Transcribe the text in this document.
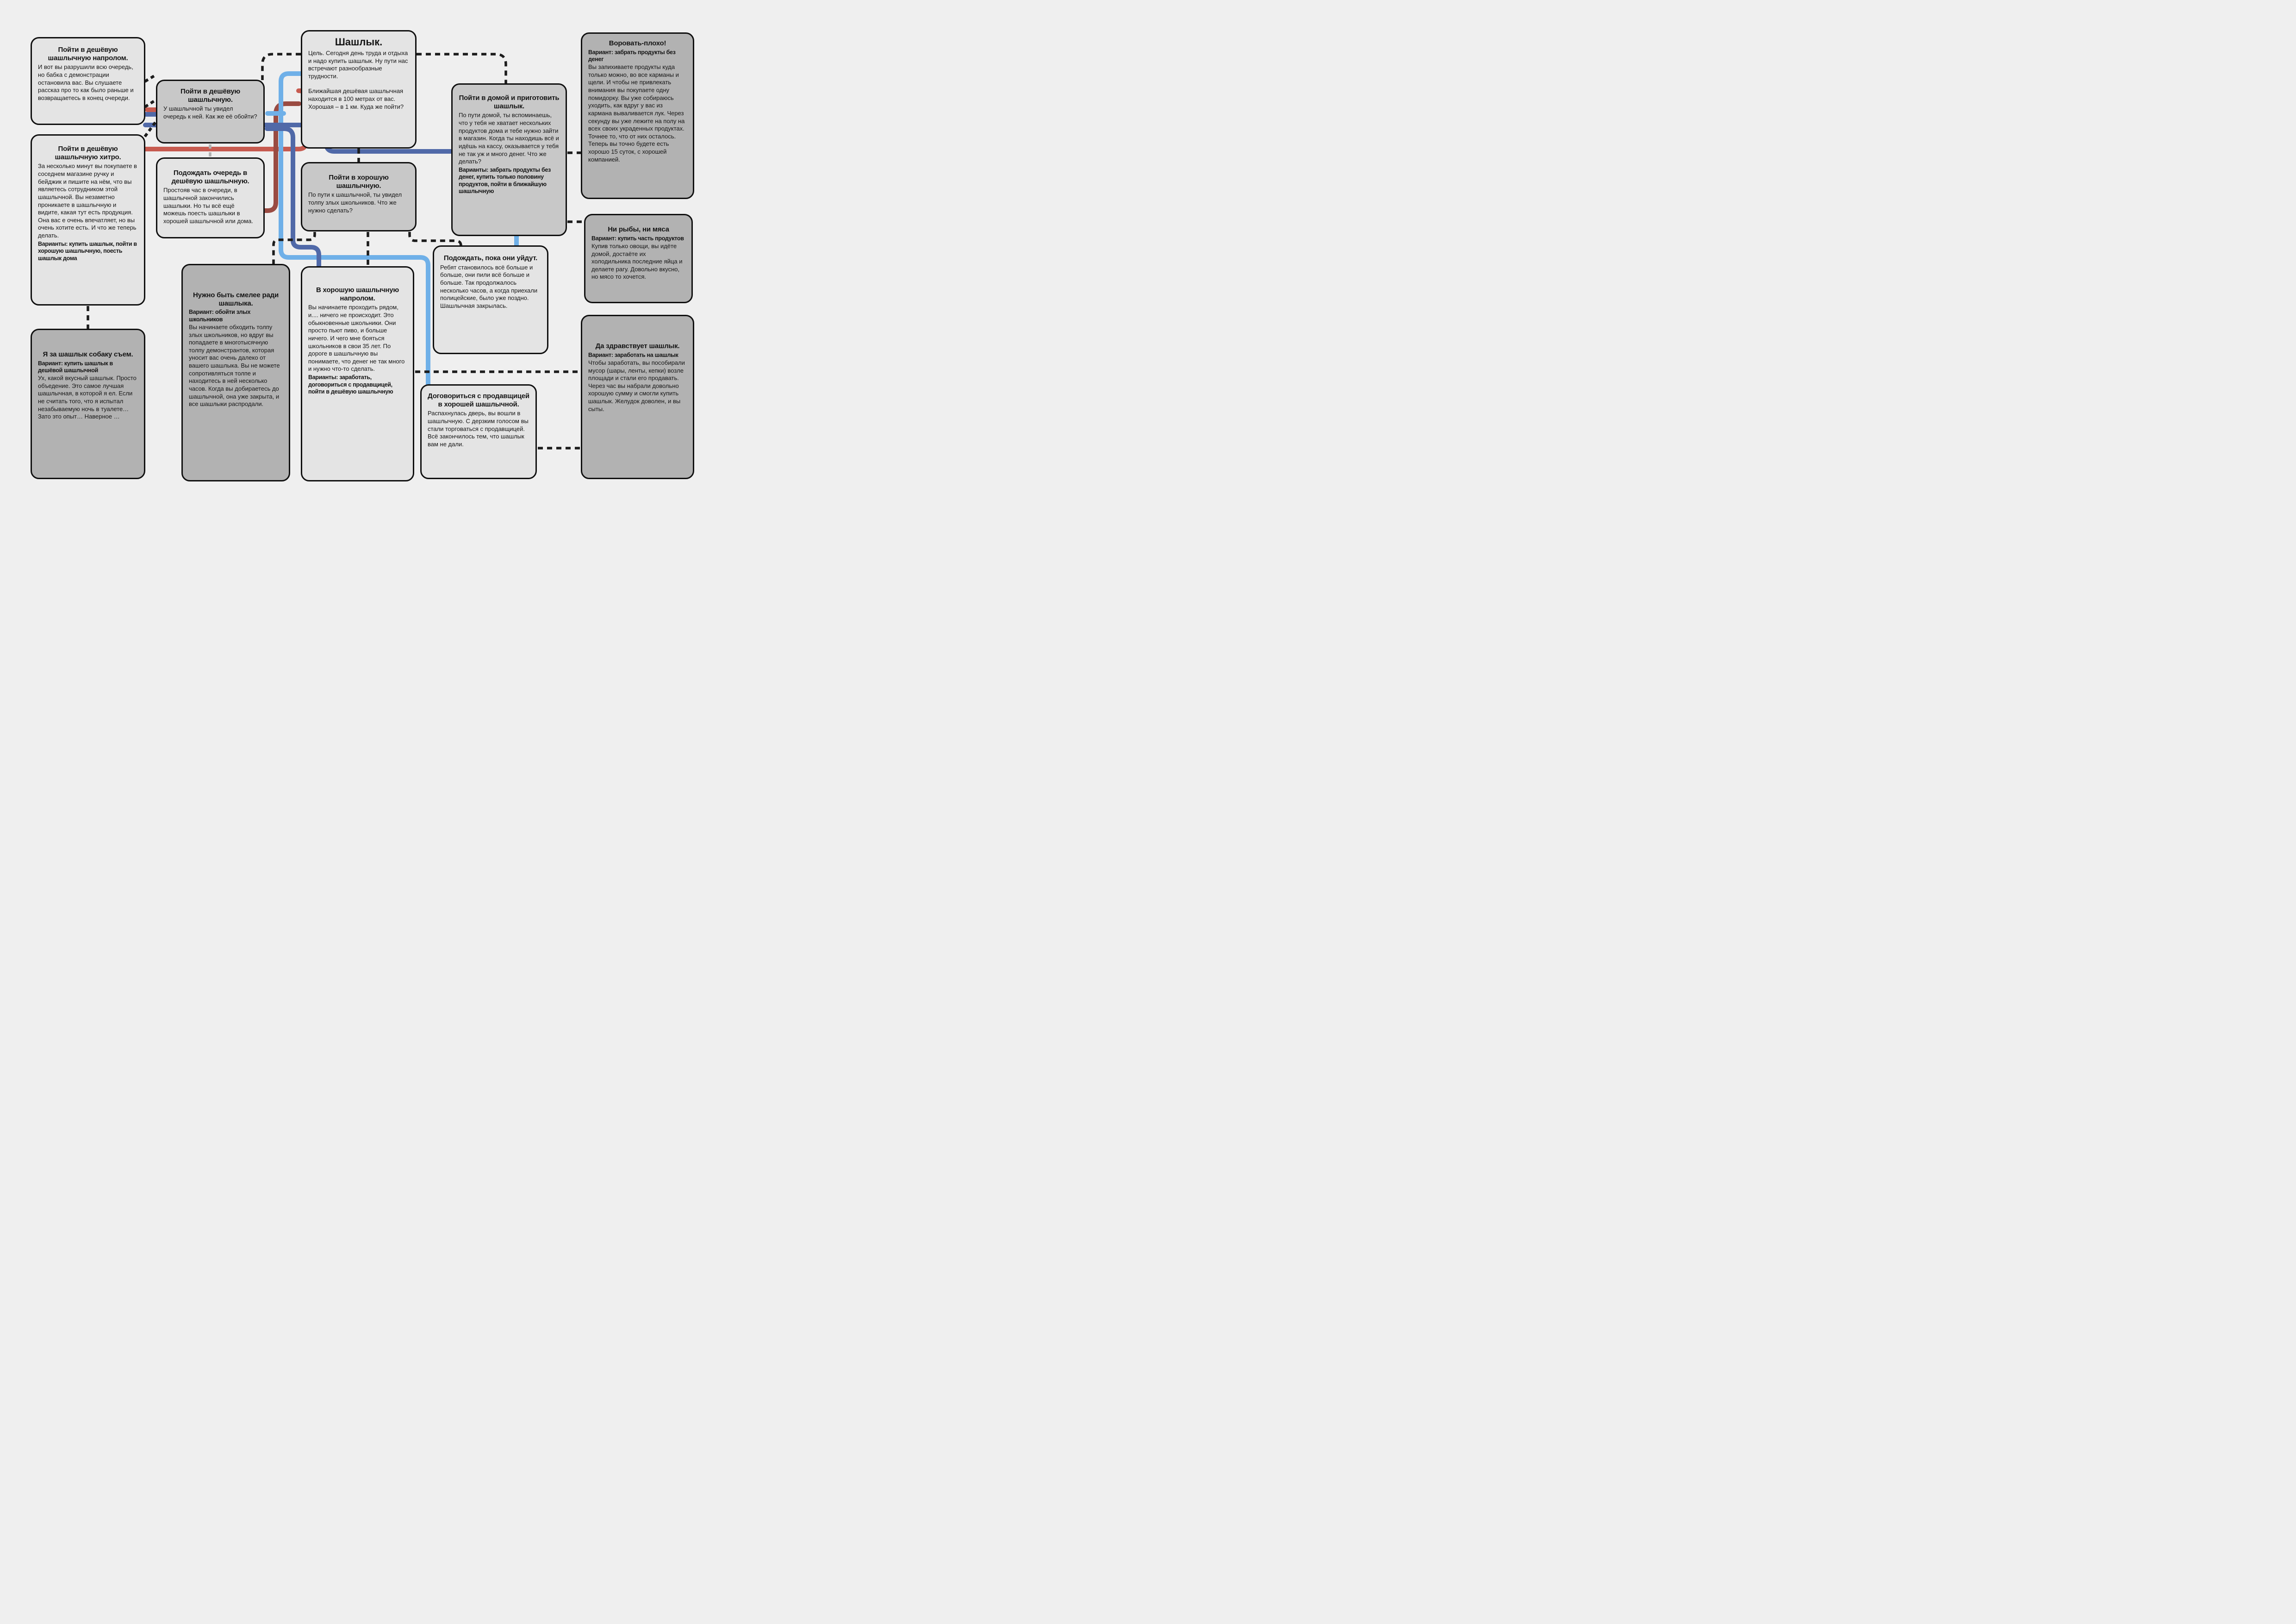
Пойти в дешёвую шашлычную напролом.
И вот вы разрушили всю очередь, но бабка с демонстрации остановила вас. Вы слушаете рассказ про то как было раньше и возвращаетесь в конец очереди.
Пойти в дешёвую шашлычную хитро.
За несколько минут вы покупаете в соседнем магазине ручку и бейджик и пишите на нём, что вы являетесь сотрудником этой шашлычной. Вы незаметно проникаете в шашлычную и видите, какая тут есть продукция. Она вас е очень впечатляет, но вы очень хотите есть. И что же теперь делать.
Варианты: купить шашлык, пойти в хорошую шашлычную, поесть шашлык дома
Я за шашлык собаку съем.
Вариант: купить шашлык в дешёвой шашлычной
Ух, какой вкусный шашлык. Просто объедение. Это самое лучшая шашлычная, в которой я ел. Если не считать того, что я испытал незабываемую ночь в туалете… Зато это опыт… Наверное …
Пойти в дешёвую шашлычную.
У шашлычной ты увидел очередь к ней. Как же её обойти?
Подождать очередь в дешёвую шашлычную.
Простояв час в очереди, в шашлычной закончились шашлыки. Но ты всё ещё можешь поесть шашлыки в хорошей шашлычной или дома.
Нужно быть смелее ради шашлыка.
Вариант: обойти злых школьников
Вы начинаете обходить толпу злых школьников, но вдруг вы попадаете в многотысячную толпу демонстрантов, которая уносит вас очень далеко от вашего шашлыка. Вы не можете сопротивляться толпе и находитесь в ней несколько часов. Когда вы добираетесь до шашлычной, она уже закрыта, и все шашлыки распродали.
Шашлык.
Цель. Сегодня день труда и отдыха и надо купить шашлык. Ну пути нас встречают разнообразные трудности.
Ближайшая дешёвая шашлычная находится в 100 метрах от вас. Хорошая – в 1 км. Куда же пойти?
Пойти в хорошую шашлычную.
По пути к шашлычной, ты увидел толпу злых школьников. Что же нужно сделать?
В хорошую шашлычную напролом.
Вы начинаете проходить рядом, и.... ничего не происходит. Это обыкновенные школьники. Они просто пьют пиво, и больше ничего. И чего мне бояться школьников в свои 35 лет. По дороге в шашлычную вы понимаете, что денег не так много и нужно что-то сделать.
Варианты: заработать, договориться с продавщицей, пойти в дешёвую шашлычную
Пойти в домой и приготовить шашлык.
По пути домой, ты вспоминаешь, что у тебя не хватает нескольких продуктов дома и тебе нужно зайти в магазин. Когда ты находишь всё и идёшь на кассу, оказывается у тебя не так уж и много денег. Что же делать?
Варианты: забрать продукты без денег, купить только половину продуктов, пойти в ближайшую шашлычную
Подождать, пока они уйдут.
Ребят становилось всё больше и больше, они пили всё больше и больше. Так продолжалось несколько часов, а когда приехали полицейские, было уже поздно. Шашлычная закрылась.
Договориться с продавщицей в хорошей шашлычной.
Распахнулась дверь, вы вошли в шашлычную. С дерзким голосом вы стали торговаться с продавщицей. Всё закончилось тем, что шашлык вам не дали.
Воровать-плохо!
Вариант: забрать продукты без денег
Вы запихиваете продукты куда только можно, во все карманы и щели. И чтобы не привлекать внимания вы покупаете одну помидорку. Вы уже собираюсь уходить, как вдруг у вас из кармана вываливается лук. Через секунду вы уже лежите на полу на всех своих украденных продуктах. Точнее то, что от них осталось. Теперь вы точно будете есть хорошо 15 суток, с хорошей компанией.
Ни рыбы, ни мяса
Вариант: купить часть продуктов
Купив только овощи, вы идёте домой, достаёте их холодильника последние яйца и делаете рагу. Довольно вкусно, но мясо то хочется.
Да здравствует шашлык.
Вариант: заработать на шашлык
Чтобы заработать, вы пособирали мусор (шары, ленты, кепки) возле площади и стали его продавать. Через час вы набрали довольно хорошую сумму и смогли купить шашлык. Желудок доволен, и вы сыты.
